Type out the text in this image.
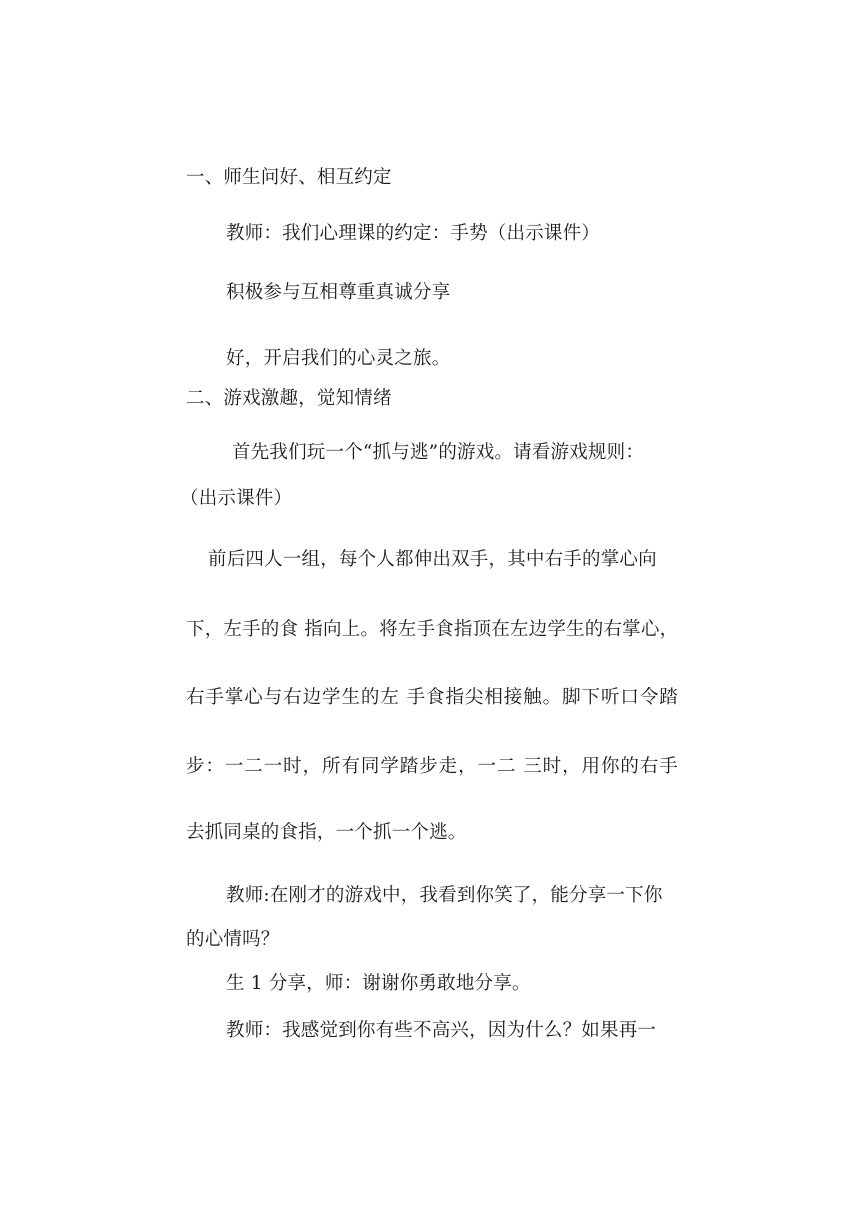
一、师生问好、相互约定
教师：我们心理课的约定：手势（出示课件）
积极参与互相尊重真诚分享
好，开启我们的心灵之旅。
二、游戏激趣，觉知情绪
首先我们玩一个“抓与逃”的游戏。请看游戏规则：
（出示课件）
前后四人一组，每个人都伸出双手，其中右手的掌心向
下，左手的食 指向上。将左手食指顶在左边学生的右掌心，
右手掌心与右边学生的左 手食指尖相接触。脚下听口令踏
步：一二一时，所有同学踏步走，一二 三时，用你的右手
去抓同桌的食指，一个抓一个逃。
教师:在刚才的游戏中，我看到你笑了，能分享一下你
的心情吗？
生 1 分享，师：谢谢你勇敢地分享。
教师：我感觉到你有些不高兴，因为什么？如果再一
